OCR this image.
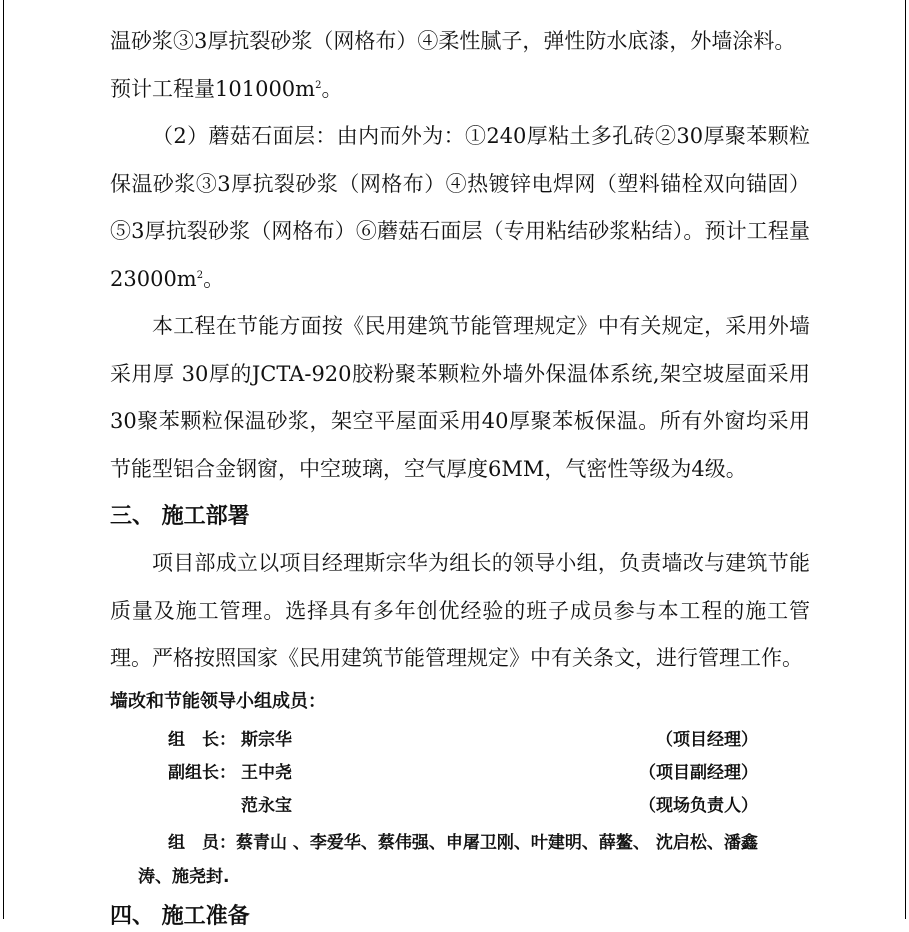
温砂浆③3厚抗裂砂浆（网格布）④柔性腻子，弹性防水底漆，外墙涂料。

预计工程量$101000m^2$。

（2）蘑菇石面层：由内而外为：①240厚粘土多孔砖②30厚聚苯颗粒保温砂浆③3厚抗裂砂浆（网格布）④热镀锌电焊网（塑料锚栓双向锚固）⑤3厚抗裂砂浆（网格布）⑥蘑菇石面层（专用粘结砂浆粘结）。预计工程量$23000m^2$。

本工程在节能方面按《民用建筑节能管理规定》中有关规定，采用外墙采用厚 30厚的JCTA-920胶粉聚苯颗粒外墙外保温体系统,架空坡屋面采用30聚苯颗粒保温砂浆，架空平屋面采用40厚聚苯板保温。所有外窗均采用节能型铝合金钢窗，中空玻璃，空气厚度6MM，气密性等级为4级。

三、 施工部署

项目部成立以项目经理斯宗华为组长的领导小组，负责墙改与建筑节能质量及施工管理。选择具有多年创优经验的班子成员参与本工程的施工管理。严格按照国家《民用建筑节能管理规定》中有关条文，进行管理工作。

墙改和节能领导小组成员：
组　长： 斯宗华	（项目经理）
副组长： 王中尧	（项目副经理）
范永宝	（现场负责人）
组　员：蔡青山 、李爱华、蔡伟强、申屠卫刚、叶建明、薛鳌、 沈启松、潘鑫
涛、施尧封.
四、 施工准备
